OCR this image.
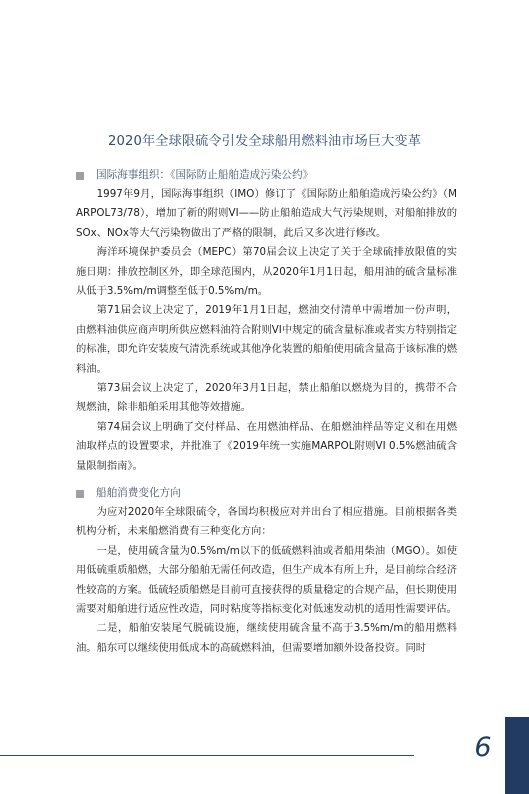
2020年全球限硫令引发全球船用燃料油市场巨大变革
国际海事组织：《国际防止船舶造成污染公约》

1997年9月，国际海事组织（IMO）修订了《国际防止船舶造成污染公约》（MARPOL73/78），增加了新的附则VI——防止船舶造成大气污染规则，对船舶排放的SOx、NOx等大气污染物做出了严格的限制，此后又多次进行修改。

海洋环境保护委员会（MEPC）第70届会议上决定了关于全球硫排放限值的实施日期：排放控制区外，即全球范围内，从2020年1月1日起，船用油的硫含量标准从低于3.5%m/m调整至低于0.5%m/m。

第71届会议上决定了，2019年1月1日起，燃油交付清单中需增加一份声明，由燃料油供应商声明所供应燃料油符合附则VI中规定的硫含量标准或者实方特别指定的标准，即允许安装废气清洗系统或其他净化装置的船舶使用硫含量高于该标准的燃料油。

第73届会议上决定了，2020年3月1日起，禁止船舶以燃烧为目的，携带不合规燃油，除非船舶采用其他等效措施。

第74届会议上明确了交付样品、在用燃油样品、在船燃油样品等定义和在用燃油取样点的设置要求，并批准了《2019年统一实施MARPOL附则VI 0.5%燃油硫含量限制指南》。

船舶消费变化方向

为应对2020年全球限硫令，各国均积极应对并出台了相应措施。目前根据各类机构分析，未来船燃消费有三种变化方向：

一是，使用硫含量为0.5%m/m以下的低硫燃料油或者船用柴油（MGO）。如使用低硫重质船燃，大部分船舶无需任何改造，但生产成本有所上升，是目前综合经济性较高的方案。低硫轻质船燃是目前可直接获得的质量稳定的合规产品，但长期使用需要对船舶进行适应性改造，同时粘度等指标变化对低速发动机的适用性需要评估。

二是，船舶安装尾气脱硫设施，继续使用硫含量不高于3.5%m/m的船用燃料油。船东可以继续使用低成本的高硫燃料油，但需要增加额外设备投资。同时

6
